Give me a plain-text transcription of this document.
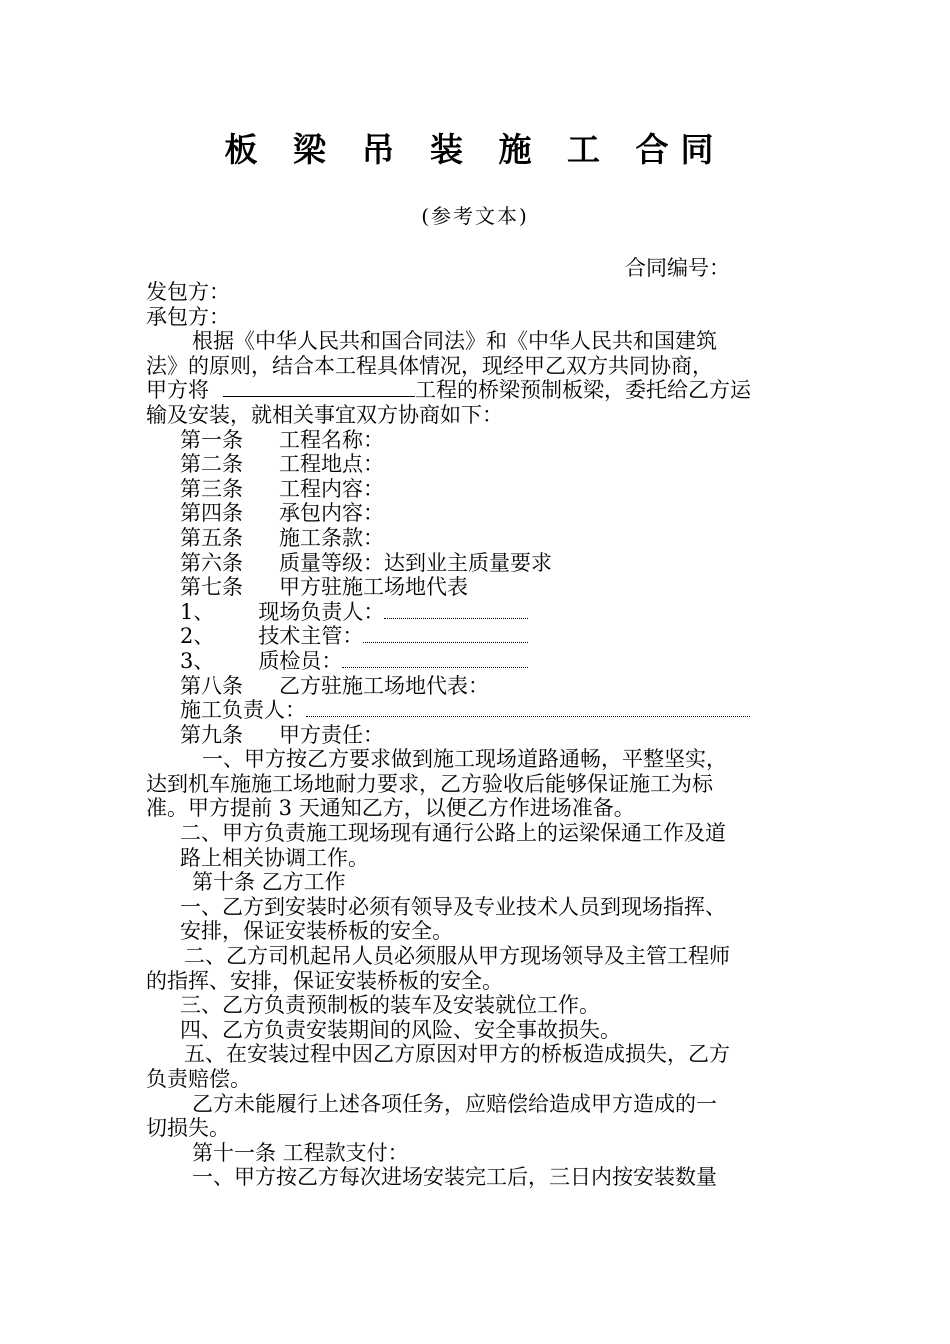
板 梁 吊 装 施 工 合同
(参考文本)
合同编号：

发包方：

承包方：

根据《中华人民共和国合同法》和《中华人民共和国建筑

法》的原则，结合本工程具体情况，现经甲乙双方共同协商，

甲方将	工程的桥梁预制板梁，委托给乙方运

输及安装，就相关事宜双方协商如下：

第一条 工程名称：

第二条 工程地点：

第三条 工程内容：

第四条 承包内容：

第五条 施工条款：

第六条 质量等级：达到业主质量要求

第七条 甲方驻施工场地代表

1、 现场负责人：

2、 技术主管：

3、 质检员：

第八条 乙方驻施工场地代表：

施工负责人：

第九条 甲方责任：

一、甲方按乙方要求做到施工现场道路通畅，平整坚实，

达到机车施施工场地耐力要求，乙方验收后能够保证施工为标

准。甲方提前 3 天通知乙方，以便乙方作进场准备。

二、甲方负责施工现场现有通行公路上的运梁保通工作及道

路上相关协调工作。

第十条 乙方工作

一、乙方到安装时必须有领导及专业技术人员到现场指挥、

安排，保证安装桥板的安全。

二、乙方司机起吊人员必须服从甲方现场领导及主管工程师

的指挥、安排，保证安装桥板的安全。

三、乙方负责预制板的装车及安装就位工作。

四、乙方负责安装期间的风险、安全事故损失。

五、在安装过程中因乙方原因对甲方的桥板造成损失，乙方

负责赔偿。

乙方未能履行上述各项任务，应赔偿给造成甲方造成的一

切损失。

第十一条 工程款支付：

一、甲方按乙方每次进场安装完工后，三日内按安装数量
